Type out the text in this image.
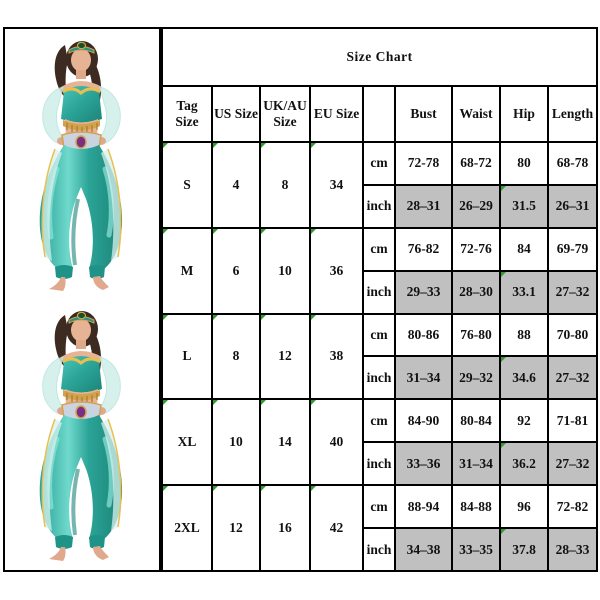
Size Chart								
Tag Size	US Size	UK/AU Size	EU Size		Bust	Waist	Hip	Length
S	4	8	34	cm	72-78	68-72	80	68-78
				inch	28–31	26–29	31.5	26–31
M	6	10	36	cm	76-82	72-76	84	69-79
				inch	29–33	28–30	33.1	27–32
L	8	12	38	cm	80-86	76-80	88	70-80
				inch	31–34	29–32	34.6	27–32
XL	10	14	40	cm	84-90	80-84	92	71-81
				inch	33–36	31–34	36.2	27–32
2XL	12	16	42	cm	88-94	84-88	96	72-82
				inch	34–38	33–35	37.8	28–33
